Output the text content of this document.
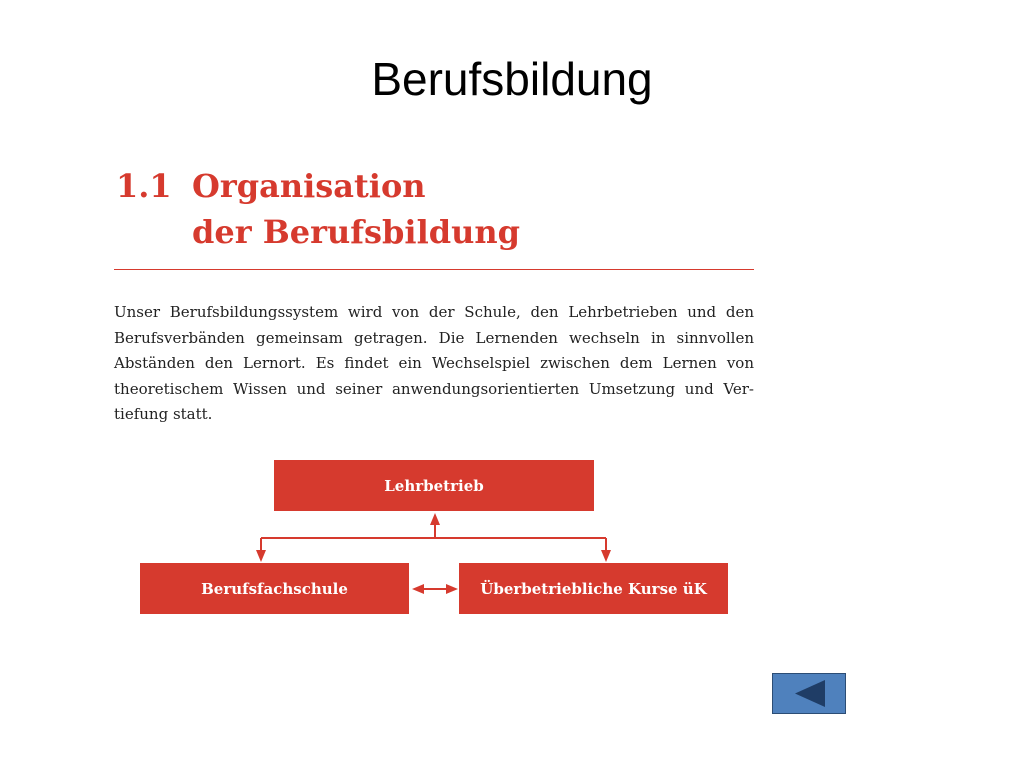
Berufsbildung
1.1 Organisation
der Berufsbildung
Unser Berufsbildungssystem wird von der Schule, den Lehrbetrieben und den Berufsverbänden gemeinsam getragen. Die Lernenden wechseln in sinnvollen Abständen den Lernort. Es findet ein Wechselspiel zwischen dem Lernen von theoretischem Wissen und seiner anwendungsorientierten Umsetzung und Vertiefung statt.
Lehrbetrieb
Berufsfachschule	Überbetriebliche Kurse üK
